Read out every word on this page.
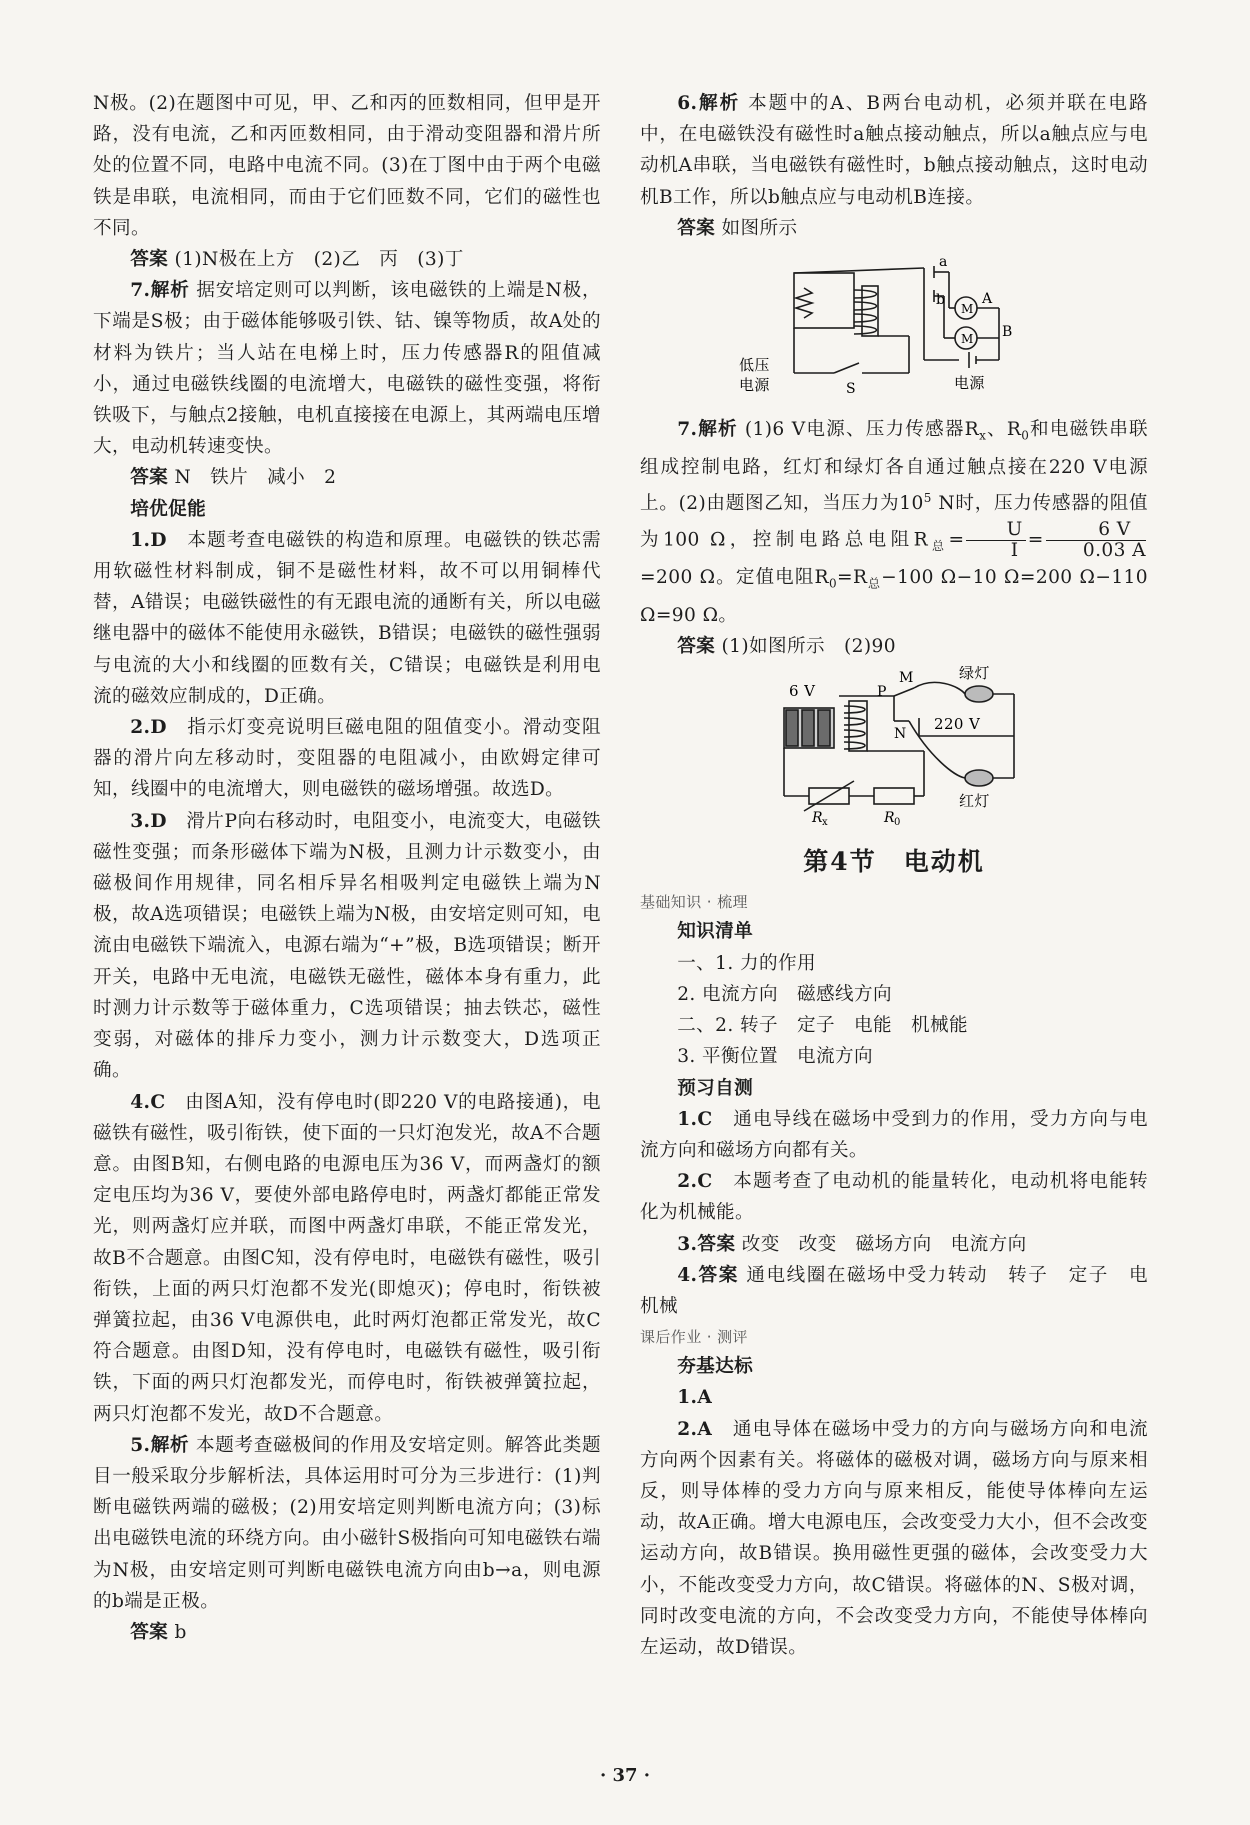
N极。(2)在题图中可见，甲、乙和丙的匝数相同，但甲是开路，没有电流，乙和丙匝数相同，由于滑动变阻器和滑片所处的位置不同，电路中电流不同。(3)在丁图中由于两个电磁铁是串联，电流相同，而由于它们匝数不同，它们的磁性也不同。

答案 (1)N极在上方　(2)乙　丙　(3)丁

7.解析 据安培定则可以判断，该电磁铁的上端是N极，下端是S极；由于磁体能够吸引铁、钴、镍等物质，故A处的材料为铁片；当人站在电梯上时，压力传感器R的阻值减小，通过电磁铁线圈的电流增大，电磁铁的磁性变强，将衔铁吸下，与触点2接触，电机直接接在电源上，其两端电压增大，电动机转速变快。

答案 N　铁片　减小　2

培优促能

1.D　 本题考查电磁铁的构造和原理。电磁铁的铁芯需用软磁性材料制成，铜不是磁性材料，故不可以用铜棒代替，A错误；电磁铁磁性的有无跟电流的通断有关，所以电磁继电器中的磁体不能使用永磁铁，B错误；电磁铁的磁性强弱与电流的大小和线圈的匝数有关，C错误；电磁铁是利用电流的磁效应制成的，D正确。

2.D　 指示灯变亮说明巨磁电阻的阻值变小。滑动变阻器的滑片向左移动时，变阻器的电阻减小，由欧姆定律可知，线圈中的电流增大，则电磁铁的磁场增强。故选D。

3.D　 滑片P向右移动时，电阻变小，电流变大，电磁铁磁性变强；而条形磁体下端为N极，且测力计示数变小，由磁极间作用规律，同名相斥异名相吸判定电磁铁上端为N极，故A选项错误；电磁铁上端为N极，由安培定则可知，电流由电磁铁下端流入，电源右端为“+”极，B选项错误；断开开关，电路中无电流，电磁铁无磁性，磁体本身有重力，此时测力计示数等于磁体重力，C选项错误；抽去铁芯，磁性变弱，对磁体的排斥力变小，测力计示数变大，D选项正确。

4.C　 由图A知，没有停电时(即220 V的电路接通)，电磁铁有磁性，吸引衔铁，使下面的一只灯泡发光，故A不合题意。由图B知，右侧电路的电源电压为36 V，而两盏灯的额定电压均为36 V，要使外部电路停电时，两盏灯都能正常发光，则两盏灯应并联，而图中两盏灯串联，不能正常发光，故B不合题意。由图C知，没有停电时，电磁铁有磁性，吸引衔铁，上面的两只灯泡都不发光(即熄灭)；停电时，衔铁被弹簧拉起，由36 V电源供电，此时两灯泡都正常发光，故C符合题意。由图D知，没有停电时，电磁铁有磁性，吸引衔铁，下面的两只灯泡都发光，而停电时，衔铁被弹簧拉起，两只灯泡都不发光，故D不合题意。

5.解析 本题考查磁极间的作用及安培定则。解答此类题目一般采取分步解析法，具体运用时可分为三步进行：(1)判断电磁铁两端的磁极；(2)用安培定则判断电流方向；(3)标出电磁铁电流的环绕方向。由小磁针S极指向可知电磁铁右端为N极，由安培定则可判断电磁铁电流方向由b→a，则电源的b端是正极。

答案 b

6.解析 本题中的A、B两台电动机，必须并联在电路中，在电磁铁没有磁性时a触点接动触点，所以a触点应与电动机A串联，当电磁铁有磁性时，b触点接动触点，这时电动机B工作，所以b触点应与电动机B连接。

答案 如图所示

a
b
M
M
A
B
低压
电源	S	电源

7.解析 (1)6 V电源、压力传感器$R_x$、$R_0$和电磁铁串联组成控制电路，红灯和绿灯各自通过触点接在220 V电源上。(2)由题图乙知，当压力为$10^5$ N时，压力传感器的阻值为100 Ω，控制电路总电阻$R_总= \frac{U}{I} = \frac{6 V}{0.03 A}$
=200 Ω。定值电阻$R_0=R_总-100$ Ω−10 Ω=200 Ω−110 Ω=90 Ω。

答案 (1)如图所示　(2)90

6 V	P
M
N
220 V
绿灯
红灯
R x	R 0
第4节　电动机

基础知识 · 梳理

知识清单

一、1. 力的作用

2. 电流方向　磁感线方向

二、2. 转子　定子　电能　机械能

3. 平衡位置　电流方向

预习自测

1.C　 通电导线在磁场中受到力的作用，受力方向与电流方向和磁场方向都有关。

2.C　 本题考查了电动机的能量转化，电动机将电能转化为机械能。

3.答案 改变　改变　磁场方向　电流方向

4.答案 通电线圈在磁场中受力转动　转子　定子　电　机械

课后作业 · 测评

夯基达标

1.A

2.A　 通电导体在磁场中受力的方向与磁场方向和电流方向两个因素有关。将磁体的磁极对调，磁场方向与原来相反，则导体棒的受力方向与原来相反，能使导体棒向左运动，故A正确。增大电源电压，会改变受力大小，但不会改变运动方向，故B错误。换用磁性更强的磁体，会改变受力大小，不能改变受力方向，故C错误。将磁体的N、S极对调，同时改变电流的方向，不会改变受力方向，不能使导体棒向左运动，故D错误。

· 37 ·
